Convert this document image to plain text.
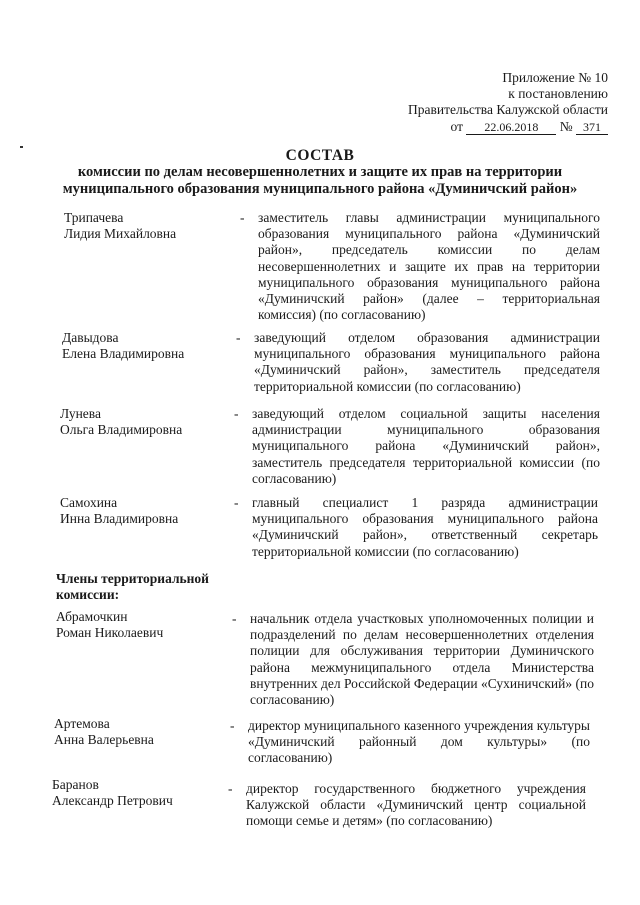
Приложение № 10
к постановлению
Правительства Калужской области
от 22.06.2018 № 371
СОСТАВ
комиссии по делам несовершеннолетних и защите их прав на территории
муниципального образования муниципального района «Думиничский район»
Трипачева
Лидия Михайловна
- заместитель главы администрации муниципального образования муниципального района «Думиничский район», председатель комиссии по делам несовершеннолетних и защите их прав на территории муниципального образования муниципального района «Думиничский район» (далее – территориальная комиссия) (по согласованию)
Давыдова
Елена Владимировна
- заведующий отделом образования администрации муниципального образования муниципального района «Думиничский район», заместитель председателя территориальной комиссии (по согласованию)
Лунева
Ольга Владимировна
- заведующий отделом социальной защиты населения администрации муниципального образования муниципального района «Думиничский район», заместитель председателя территориальной комиссии (по согласованию)
Самохина
Инна Владимировна
- главный специалист 1 разряда администрации муниципального образования муниципального района «Думиничский район», ответственный секретарь территориальной комиссии (по согласованию)
Члены территориальной
комиссии:
Абрамочкин
Роман Николаевич
- начальник отдела участковых уполномоченных полиции и подразделений по делам несовершеннолетних отделения полиции для обслуживания территории Думиничского района межмуниципального отдела Министерства внутренних дел Российской Федерации «Сухиничский» (по согласованию)
Артемова
Анна Валерьевна
- директор муниципального казенного учреждения культуры «Думиничский районный дом культуры» (по согласованию)
Баранов
Александр Петрович
- директор государственного бюджетного учреждения Калужской области «Думиничский центр социальной помощи семье и детям» (по согласованию)
